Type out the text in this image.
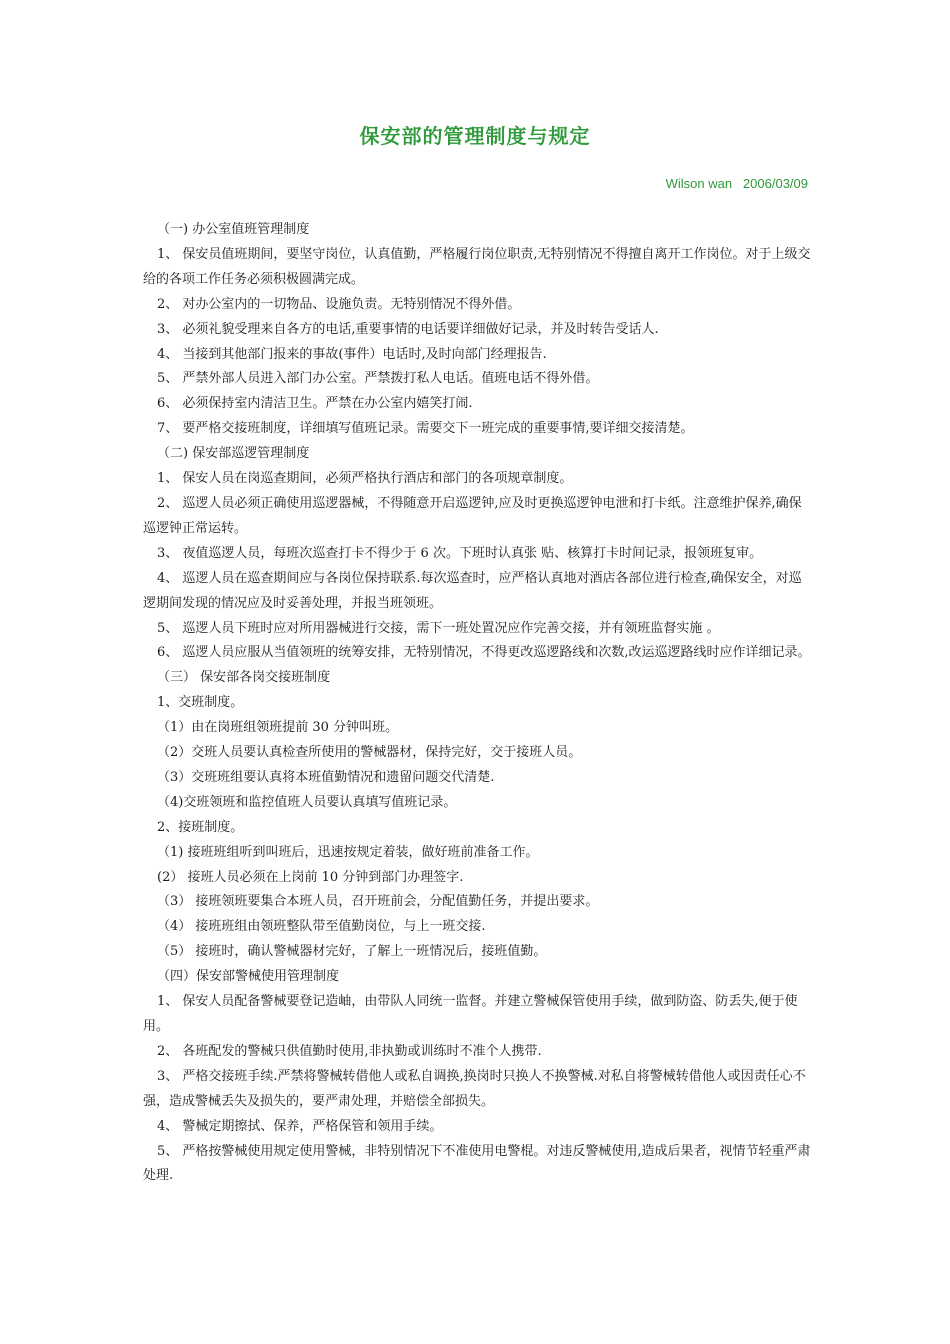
保安部的管理制度与规定
Wilson wan   2006/03/09

（一) 办公室值班管理制度

1、 保安员值班期间，要坚守岗位，认真值勤，严格履行岗位职责,无特别情况不得擅自离开工作岗位。对于上级交给的各项工作任务必须积极圆满完成。

2、 对办公室内的一切物品、设施负责。无特别情况不得外借。

3、 必须礼貌受理来自各方的电话,重要事情的电话要详细做好记录，并及时转告受话人.

4、 当接到其他部门报来的事故(事件）电话时,及时向部门经理报告.

5、 严禁外部人员进入部门办公室。严禁拨打私人电话。值班电话不得外借。

6、 必须保持室内清洁卫生。严禁在办公室内嬉笑打闹.

7、 要严格交接班制度，详细填写值班记录。需要交下一班完成的重要事情,要详细交接清楚。

（二) 保安部巡逻管理制度

1、 保安人员在岗巡查期间，必须严格执行酒店和部门的各项规章制度。

2、 巡逻人员必须正确使用巡逻器械，不得随意开启巡逻钟,应及时更换巡逻钟电泄和打卡纸。注意维护保养,确保巡逻钟正常运转。

3、 夜值巡逻人员，每班次巡查打卡不得少于 6 次。下班时认真张 贴、核算打卡时间记录，报领班复审。

4、 巡逻人员在巡查期间应与各岗位保持联系.每次巡查时，应严格认真地对酒店各部位进行检查,确保安全，对巡逻期间发现的情况应及时妥善处理，并报当班领班。

5、 巡逻人员下班时应对所用器械进行交接，需下一班处置况应作完善交接，并有领班监督实施 。

6、 巡逻人员应服从当值领班的统筹安排，无特别情况，不得更改巡逻路线和次数,改运巡逻路线时应作详细记录。

（三） 保安部各岗交接班制度

1、交班制度。

（1）由在岗班组领班提前 30 分钟叫班。

（2）交班人员要认真检查所使用的警械器材，保持完好，交于接班人员。

（3）交班班组要认真将本班值勤情况和遗留问题交代清楚.

（4)交班领班和监控值班人员要认真填写值班记录。

2、接班制度。

（1) 接班班组听到叫班后，迅速按规定着装，做好班前准备工作。

(2） 接班人员必须在上岗前 10 分钟到部门办理签字.

（3） 接班领班要集合本班人员，召开班前会，分配值勤任务，并提出要求。

（4） 接班班组由领班整队带至值勤岗位，与上一班交接.

（5） 接班时，确认警械器材完好，了解上一班情况后，接班值勤。

（四）保安部警械使用管理制度

1、 保安人员配备警械要登记造岫，由带队人同统一监督。并建立警械保管使用手续，做到防盗、防丢失,便于使用。

2、 各班配发的警械只供值勤时使用,非执勤或训练时不准个人携带.

3、 严格交接班手续.严禁将警械转借他人或私自调换,换岗时只换人不换警械.对私自将警械转借他人或因责任心不强，造成警械丢失及损失的，要严肃处理，并赔偿全部损失。

4、 警械定期擦拭、保养，严格保管和领用手续。

5、 严格按警械使用规定使用警械，非特别情况下不准使用电警棍。对违反警械使用,造成后果者，视情节轻重严肃处理.
